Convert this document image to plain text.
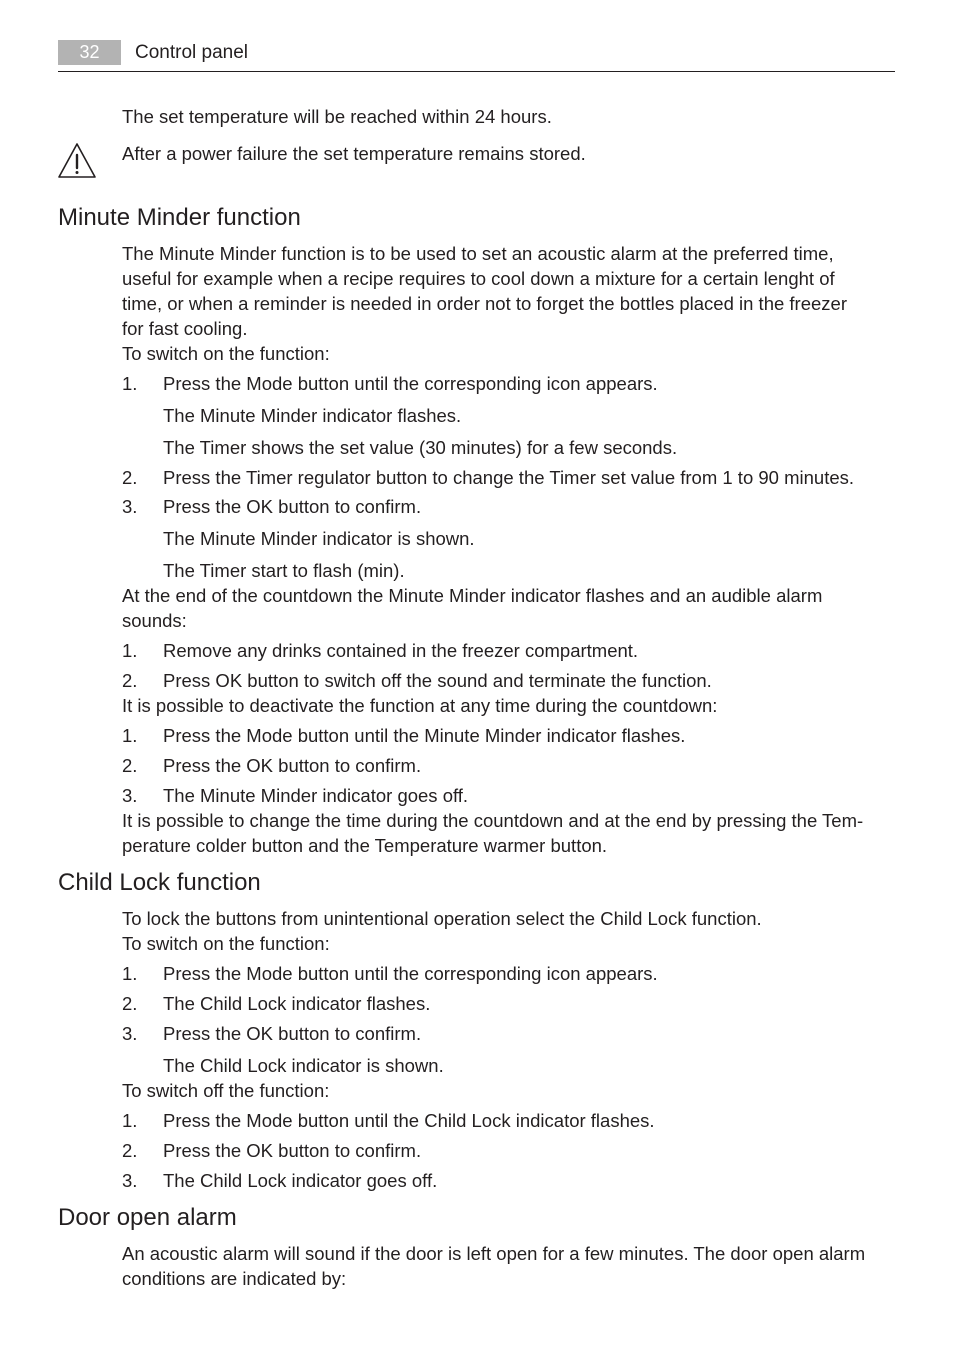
32	Control panel
The set temperature will be reached within 24 hours.
After a power failure the set temperature remains stored.
Minute Minder function
The Minute Minder function is to be used to set an acoustic alarm at the preferred time,
useful for example when a recipe requires to cool down a mixture for a certain lenght of
time, or when a reminder is needed in order not to forget the bottles placed in the freezer
for fast cooling.
To switch on the function:
1.	Press the Mode button until the corresponding icon appears.
The Minute Minder indicator flashes.
The Timer shows the set value (30 minutes) for a few seconds.
2.	Press the Timer regulator button to change the Timer set value from 1 to 90 minutes.
3.	Press the OK button to confirm.
The Minute Minder indicator is shown.
The Timer start to flash (min).
At the end of the countdown the Minute Minder indicator flashes and an audible alarm
sounds:
1.	Remove any drinks contained in the freezer compartment.
2.	Press OK button to switch off the sound and terminate the function.
It is possible to deactivate the function at any time during the countdown:
1.	Press the Mode button until the Minute Minder indicator flashes.
2.	Press the OK button to confirm.
3.	The Minute Minder indicator goes off.
It is possible to change the time during the countdown and at the end by pressing the Tem-
perature colder button and the Temperature warmer button.
Child Lock function
To lock the buttons from unintentional operation select the Child Lock function.
To switch on the function:
1.	Press the Mode button until the corresponding icon appears.
2.	The Child Lock indicator flashes.
3.	Press the OK button to confirm.
The Child Lock indicator is shown.
To switch off the function:
1.	Press the Mode button until the Child Lock indicator flashes.
2.	Press the OK button to confirm.
3.	The Child Lock indicator goes off.
Door open alarm
An acoustic alarm will sound if the door is left open for a few minutes. The door open alarm
conditions are indicated by:
